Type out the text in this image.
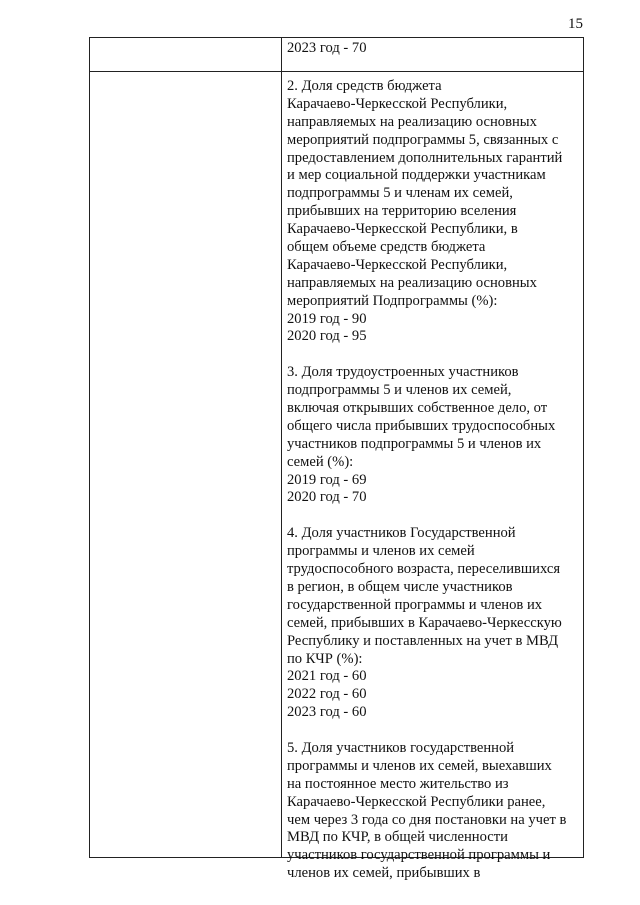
15
2023 год - 70
2. Доля средств бюджета
Карачаево-Черкесской Республики,
направляемых на реализацию основных
мероприятий подпрограммы 5, связанных с
предоставлением дополнительных гарантий
и мер социальной поддержки участникам
подпрограммы 5 и членам их семей,
прибывших на территорию вселения
Карачаево-Черкесской Республики, в
общем объеме средств бюджета
Карачаево-Черкесской Республики,
направляемых на реализацию основных
мероприятий Подпрограммы (%):
2019 год - 90
2020 год - 95
3. Доля трудоустроенных участников
подпрограммы 5 и членов их семей,
включая открывших собственное дело, от
общего числа прибывших трудоспособных
участников подпрограммы 5 и членов их
семей (%):
2019 год - 69
2020 год - 70
4. Доля участников Государственной
программы и членов их семей
трудоспособного возраста, переселившихся
в регион, в общем числе участников
государственной программы и членов их
семей, прибывших в Карачаево-Черкесскую
Республику и поставленных на учет в МВД
по КЧР (%):
2021 год - 60
2022 год - 60
2023 год - 60
5. Доля участников государственной
программы и членов их семей, выехавших
на постоянное место жительство из
Карачаево-Черкесской Республики ранее,
чем через 3 года со дня постановки на учет в
МВД по КЧР, в общей численности
участников государственной программы и
членов их семей, прибывших в
